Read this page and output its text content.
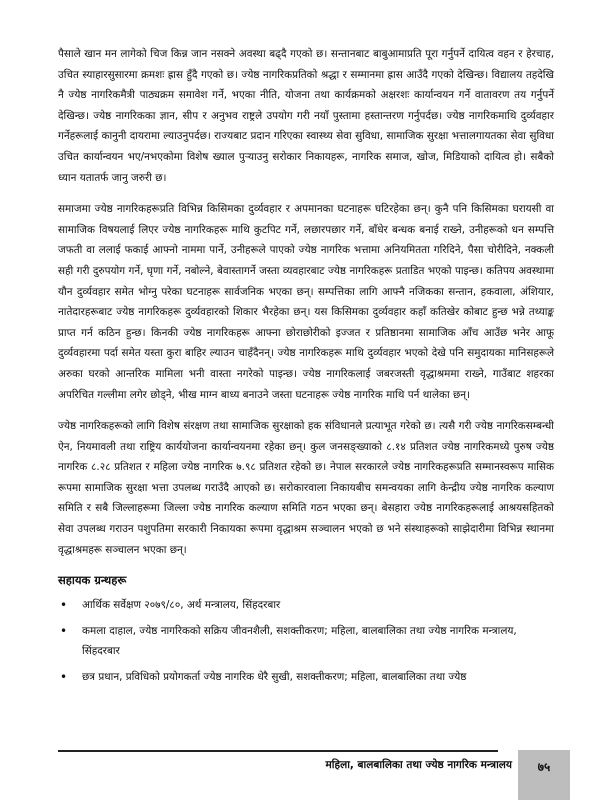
पैसाले खान मन लागेको चिज किन्न जान नसक्ने अवस्था बढ्दै गएको छ। सन्तानबाट बाबुआमाप्रति पूरा गर्नुपर्ने दायित्व वहन र हेरचाह, उचित स्याहारसुसारमा क्रमशः ह्रास हुँदै गएको छ। ज्येष्ठ नागरिकप्रतिको श्रद्धा र सम्मानमा ह्रास आउँदै गएको देखिन्छ। विद्यालय तहदेखि नै ज्येष्ठ नागरिकमैत्री पाठ्यक्रम समावेश गर्ने, भएका नीति, योजना तथा कार्यक्रमको अक्षरशः कार्यान्वयन गर्ने वातावरण तय गर्नुपर्ने देखिन्छ। ज्येष्ठ नागरिकका ज्ञान, सीप र अनुभव राष्ट्रले उपयोग गरी नयाँ पुस्तामा हस्तान्तरण गर्नुपर्दछ। ज्येष्ठ नागरिकमाथि दुर्व्यवहार गर्नेहरूलाई कानुनी दायरामा ल्याउनुपर्दछ। राज्यबाट प्रदान गरिएका स्वास्थ्य सेवा सुविधा, सामाजिक सुरक्षा भत्तालगायतका सेवा सुविधा उचित कार्यान्वयन भए/नभएकोमा विशेष ख्याल पुऱ्याउनु सरोकार निकायहरू, नागरिक समाज, खोज, मिडियाको दायित्व हो। सबैको ध्यान यतातर्फ जानु जरुरी छ।

समाजमा ज्येष्ठ नागरिकहरूप्रति विभिन्न किसिमका दुर्व्यवहार र अपमानका घटनाहरू घटिरहेका छन्। कुनै पनि किसिमका घरायसी वा सामाजिक विषयलाई लिएर ज्येष्ठ नागरिकहरू माथि कुटपिट गर्ने, लछारपछार गर्ने, बाँधेर बन्धक बनाई राख्ने, उनीहरूको धन सम्पत्ति जफती वा ललाई फकाई आफ्नो नाममा पार्ने, उनीहरूले पाएको ज्येष्ठ नागरिक भत्तामा अनियमितता गरिदिने, पैसा चोरीदिने, नक्कली सही गरी दुरुपयोग गर्ने, घृणा गर्ने, नबोल्ने, बेवास्तागर्ने जस्ता व्यवहारबाट ज्येष्ठ नागरिकहरू प्रताडित भएको पाइन्छ। कतिपय अवस्थामा यौन दुर्व्यवहार समेत भोग्नु परेका घटनाहरू सार्वजनिक भएका छन्। सम्पत्तिका लागि आफ्नै नजिकका सन्तान, हकवाला, अंशियार, नातेदारहरूबाट ज्येष्ठ नागरिकहरू दुर्व्यवहारको शिकार भैरहेका छन्। यस किसिमका दुर्व्यवहार कहाँ कतिखेर कोबाट हुन्छ भन्ने तथ्याङ्क प्राप्त गर्न कठिन हुन्छ। किनकी ज्येष्ठ नागरिकहरू आफ्ना छोराछोरीको इज्जत र प्रतिष्ठानमा सामाजिक आँच आउँछ भनेर आफू दुर्व्यवहारमा पर्दा समेत यस्ता कुरा बाहिर ल्याउन चाहँदैनन्। ज्येष्ठ नागरिकहरू माथि दुर्व्यवहार भएको देखे पनि समुदायका मानिसहरूले अरुका घरको आन्तरिक मामिला भनी वास्ता नगरेको पाइन्छ। ज्येष्ठ नागरिकलाई जबरजस्ती वृद्धाश्रममा राख्ने, गाउँबाट शहरका अपरिचित गल्लीमा लगेर छोड्ने, भीख माग्न बाध्य बनाउने जस्ता घटनाहरू ज्येष्ठ नागरिक माथि पर्न थालेका छन्।

ज्येष्ठ नागरिकहरूको लागि विशेष संरक्षण तथा सामाजिक सुरक्षाको हक संविधानले प्रत्याभूत गरेको छ। त्यसै गरी ज्येष्ठ नागरिकसम्बन्धी ऐन, नियमावली तथा राष्ट्रिय कार्ययोजना कार्यान्वयनमा रहेका छन्। कुल जनसङ्ख्याको ८.१४ प्रतिशत ज्येष्ठ नागरिकमध्ये पुरुष ज्येष्ठ नागरिक ८.२८ प्रतिशत र महिला ज्येष्ठ नागरिक ७.९८ प्रतिशत रहेको छ। नेपाल सरकारले ज्येष्ठ नागरिकहरूप्रति सम्मानस्वरूप मासिक रूपमा सामाजिक सुरक्षा भत्ता उपलब्ध गराउँदै आएको छ। सरोकारवाला निकायबीच समन्वयका लागि केन्द्रीय ज्येष्ठ नागरिक कल्याण समिति र सबै जिल्लाहरूमा जिल्ला ज्येष्ठ नागरिक कल्याण समिति गठन भएका छन्। बेसहारा ज्येष्ठ नागरिकहरूलाई आश्रयसहितको सेवा उपलब्ध गराउन पशुपतिमा सरकारी निकायका रूपमा वृद्धाश्रम सञ्चालन भएको छ भने संस्थाहरूको साझेदारीमा विभिन्न स्थानमा वृद्धाश्रमहरू सञ्चालन भएका छन्।

सहायक ग्रन्थहरू
• आर्थिक सर्वेक्षण २०७९/८०, अर्थ मन्त्रालय, सिंहदरबार
• कमला दाहाल, ज्येष्ठ नागरिकको सक्रिय जीवनशैली, सशक्तीकरण; महिला, बालबालिका तथा ज्येष्ठ नागरिक मन्त्रालय, सिंहदरबार
• छत्र प्रधान, प्रविधिको प्रयोगकर्ता ज्येष्ठ नागरिक धेरै सुखी, सशक्तीकरण; महिला, बालबालिका तथा ज्येष्ठ
महिला, बालबालिका तथा ज्येष्ठ नागरिक मन्त्रालय ७५
